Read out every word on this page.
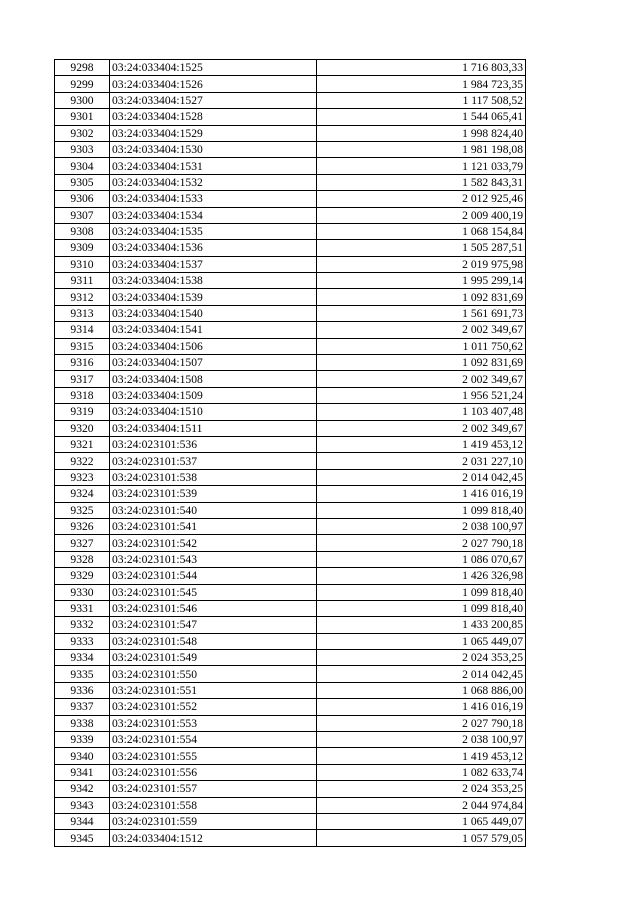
9298	03:24:033404:1525	1 716 803,33
9299	03:24:033404:1526	1 984 723,35
9300	03:24:033404:1527	1 117 508,52
9301	03:24:033404:1528	1 544 065,41
9302	03:24:033404:1529	1 998 824,40
9303	03:24:033404:1530	1 981 198,08
9304	03:24:033404:1531	1 121 033,79
9305	03:24:033404:1532	1 582 843,31
9306	03:24:033404:1533	2 012 925,46
9307	03:24:033404:1534	2 009 400,19
9308	03:24:033404:1535	1 068 154,84
9309	03:24:033404:1536	1 505 287,51
9310	03:24:033404:1537	2 019 975,98
9311	03:24:033404:1538	1 995 299,14
9312	03:24:033404:1539	1 092 831,69
9313	03:24:033404:1540	1 561 691,73
9314	03:24:033404:1541	2 002 349,67
9315	03:24:033404:1506	1 011 750,62
9316	03:24:033404:1507	1 092 831,69
9317	03:24:033404:1508	2 002 349,67
9318	03:24:033404:1509	1 956 521,24
9319	03:24:033404:1510	1 103 407,48
9320	03:24:033404:1511	2 002 349,67
9321	03:24:023101:536	1 419 453,12
9322	03:24:023101:537	2 031 227,10
9323	03:24:023101:538	2 014 042,45
9324	03:24:023101:539	1 416 016,19
9325	03:24:023101:540	1 099 818,40
9326	03:24:023101:541	2 038 100,97
9327	03:24:023101:542	2 027 790,18
9328	03:24:023101:543	1 086 070,67
9329	03:24:023101:544	1 426 326,98
9330	03:24:023101:545	1 099 818,40
9331	03:24:023101:546	1 099 818,40
9332	03:24:023101:547	1 433 200,85
9333	03:24:023101:548	1 065 449,07
9334	03:24:023101:549	2 024 353,25
9335	03:24:023101:550	2 014 042,45
9336	03:24:023101:551	1 068 886,00
9337	03:24:023101:552	1 416 016,19
9338	03:24:023101:553	2 027 790,18
9339	03:24:023101:554	2 038 100,97
9340	03:24:023101:555	1 419 453,12
9341	03:24:023101:556	1 082 633,74
9342	03:24:023101:557	2 024 353,25
9343	03:24:023101:558	2 044 974,84
9344	03:24:023101:559	1 065 449,07
9345	03:24:033404:1512	1 057 579,05
